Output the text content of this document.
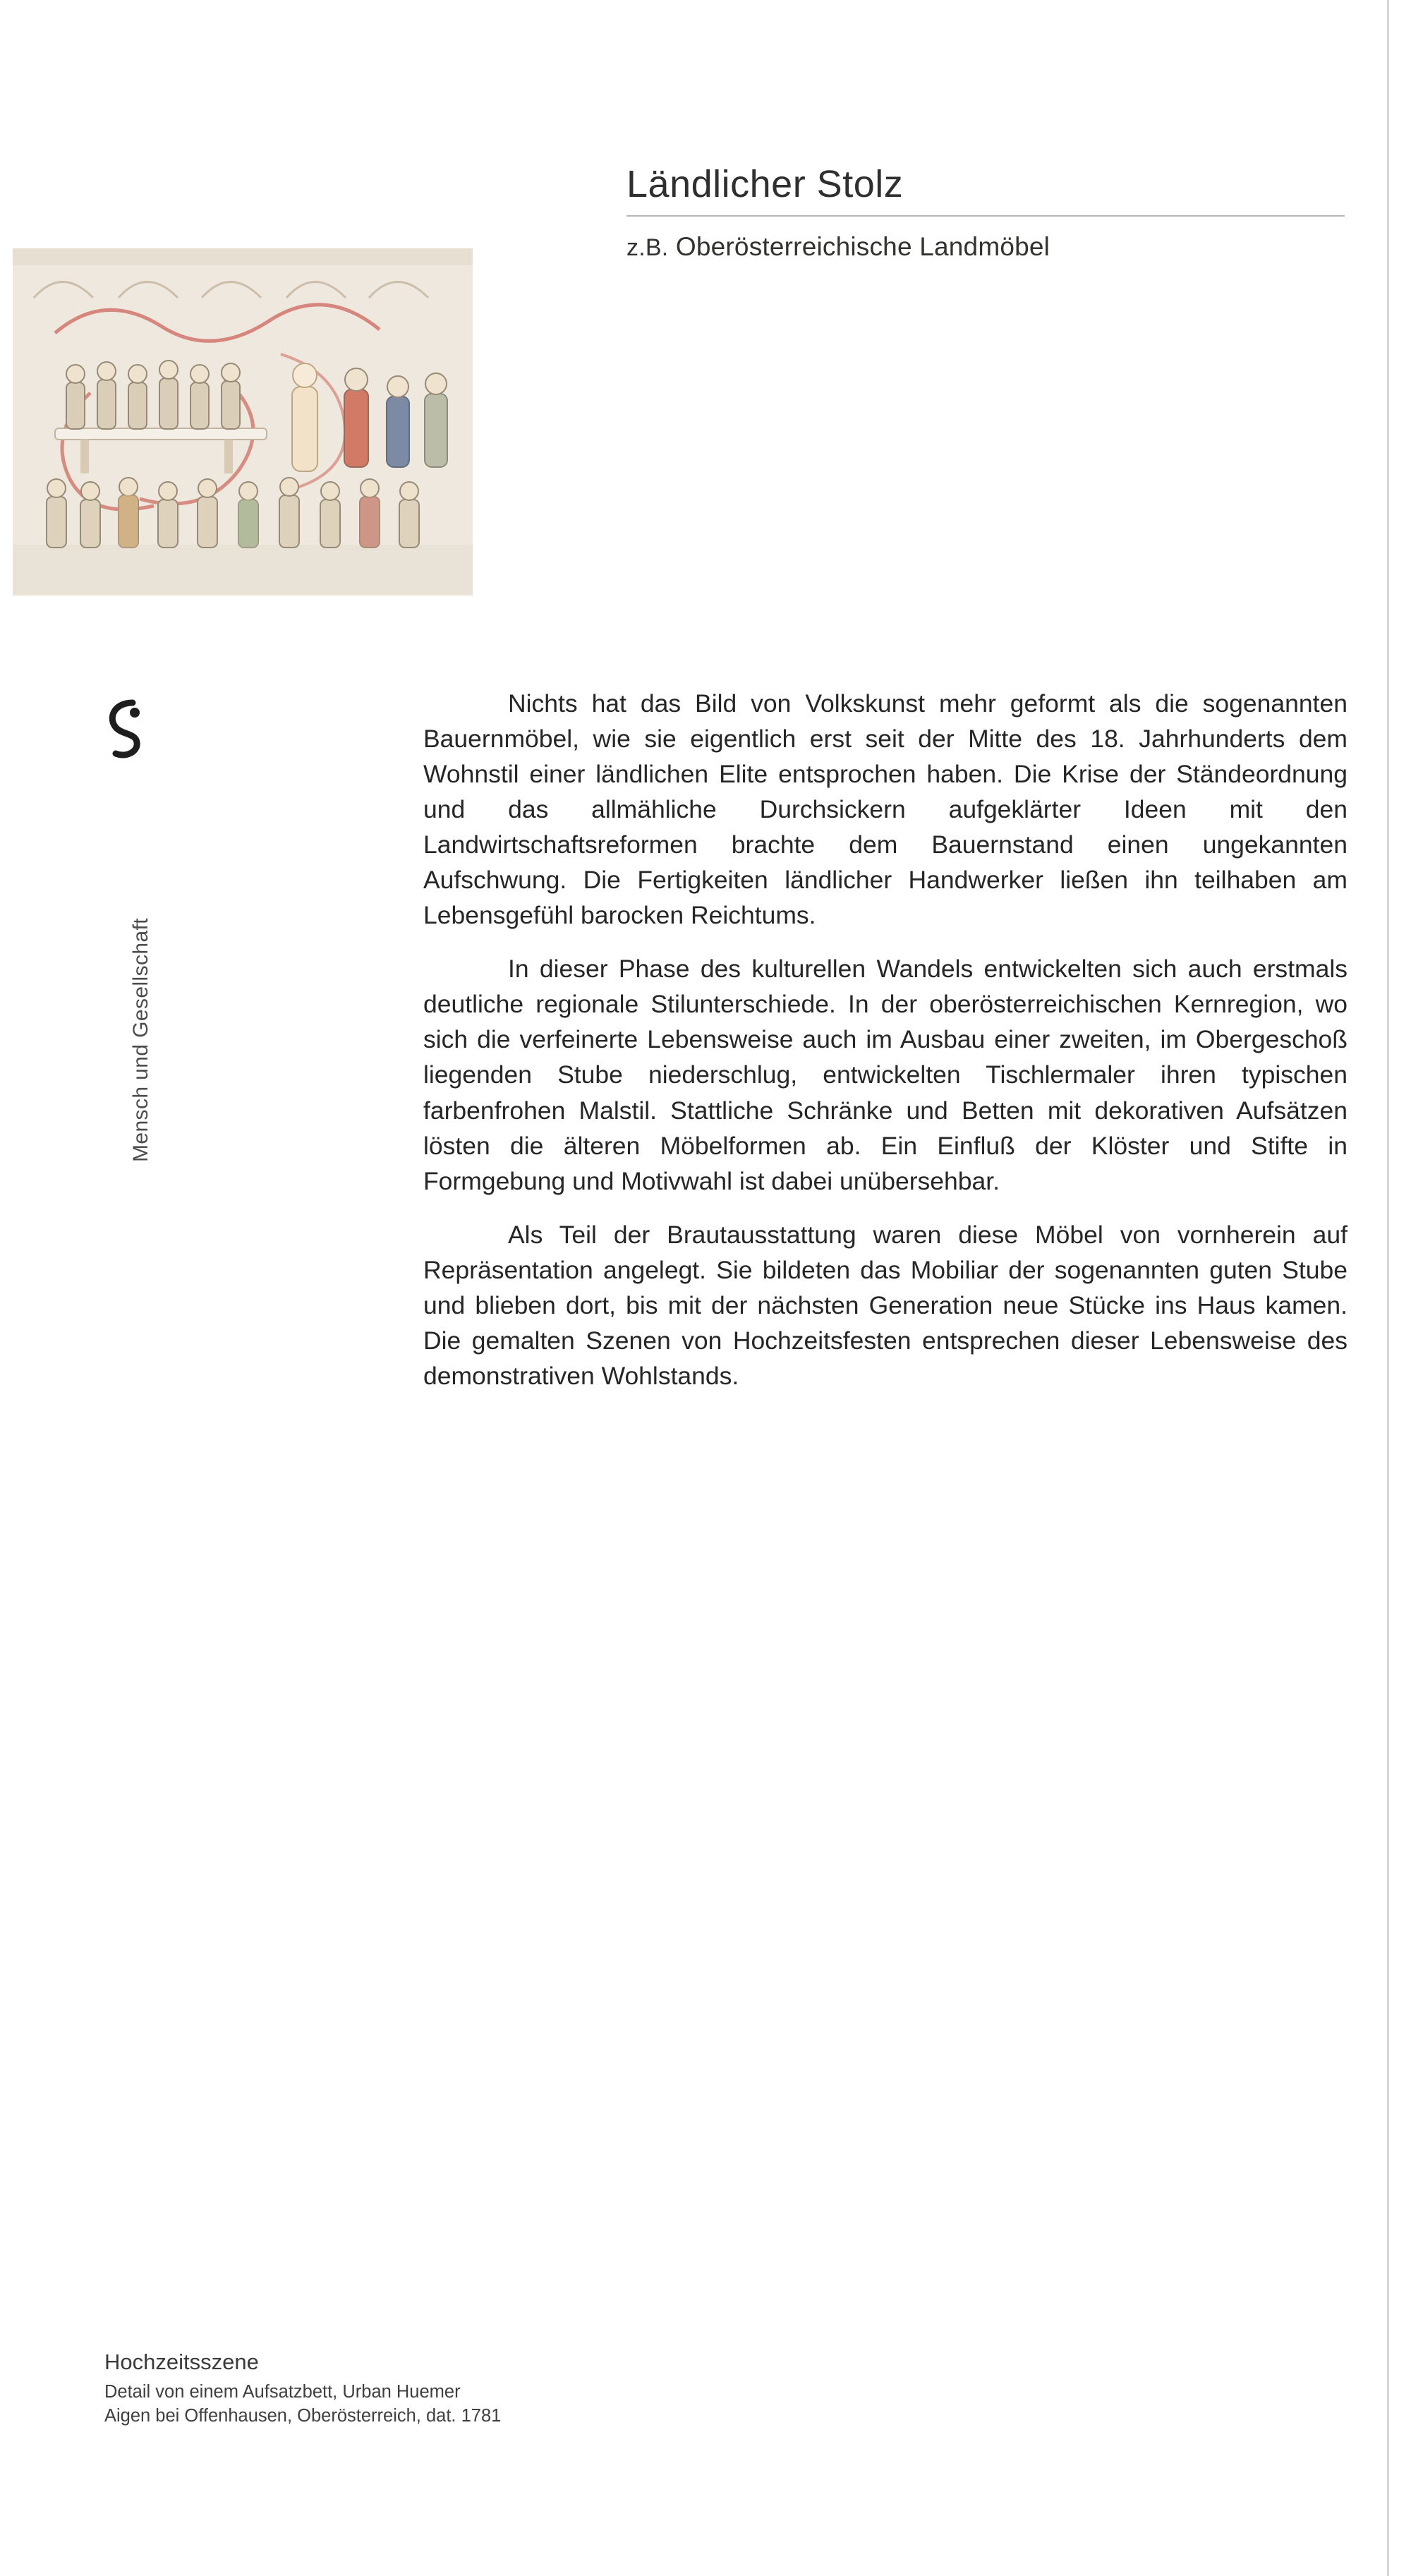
Mensch und Gesellschaft
Ländlicher Stolz
z.B. Oberösterreichische Landmöbel

Nichts hat das Bild von Volkskunst mehr geformt als die sogenannten Bauernmöbel, wie sie eigentlich erst seit der Mitte des 18. Jahrhunderts dem Wohnstil einer ländlichen Elite entsprochen haben. Die Krise der Ständeordnung und das allmähliche Durchsickern aufgeklärter Ideen mit den Landwirtschaftsreformen brachte dem Bauernstand einen ungekannten Aufschwung. Die Fertigkeiten ländlicher Handwerker ließen ihn teilhaben am Lebensgefühl barocken Reichtums.

In dieser Phase des kulturellen Wandels entwickelten sich auch erstmals deutliche regionale Stilunterschiede. In der oberösterreichischen Kernregion, wo sich die verfeinerte Lebensweise auch im Ausbau einer zweiten, im Obergeschoß liegenden Stube niederschlug, entwickelten Tischlermaler ihren typischen farbenfrohen Malstil. Stattliche Schränke und Betten mit dekorativen Aufsätzen lösten die älteren Möbelformen ab. Ein Einfluß der Klöster und Stifte in Formgebung und Motivwahl ist dabei unübersehbar.

Als Teil der Brautausstattung waren diese Möbel von vornherein auf Repräsentation angelegt. Sie bildeten das Mobiliar der sogenannten guten Stube und blieben dort, bis mit der nächsten Generation neue Stücke ins Haus kamen. Die gemalten Szenen von Hochzeitsfesten entsprechen dieser Lebensweise des demonstrativen Wohlstands.

Hochzeitsszene
Detail von einem Aufsatzbett, Urban Huemer
Aigen bei Offenhausen, Oberösterreich, dat. 1781
